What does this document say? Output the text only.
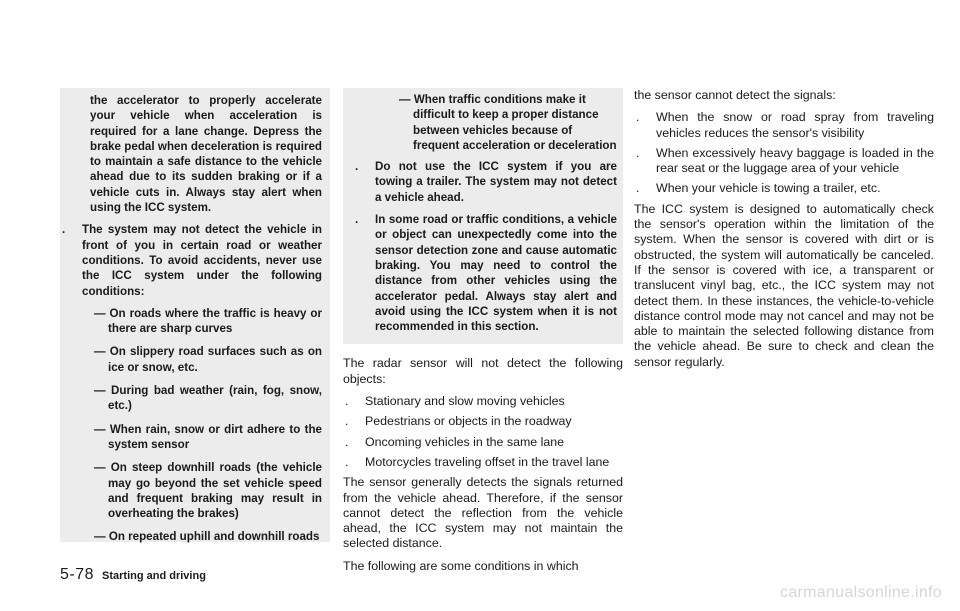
the accelerator to properly accelerate your vehicle when acceleration is required for a lane change. Depress the brake pedal when deceleration is required to maintain a safe distance to the vehicle ahead due to its sudden braking or if a vehicle cuts in. Always stay alert when using the ICC system.

.	The system may not detect the vehicle in front of you in certain road or weather conditions. To avoid accidents, never use the ICC system under the following conditions:
— On roads where the traffic is heavy or there are sharp curves
— On slippery road surfaces such as on ice or snow, etc.
— During bad weather (rain, fog, snow, etc.)
— When rain, snow or dirt adhere to the system sensor
— On steep downhill roads (the vehicle may go beyond the set vehicle speed and frequent braking may result in overheating the brakes)
— On repeated uphill and downhill roads
— When traffic conditions make it difficult to keep a proper distance between vehicles because of frequent acceleration or deceleration
.	Do not use the ICC system if you are towing a trailer. The system may not detect a vehicle ahead.
.	In some road or traffic conditions, a vehicle or object can unexpectedly come into the sensor detection zone and cause automatic braking. You may need to control the distance from other vehicles using the accelerator pedal. Always stay alert and avoid using the ICC system when it is not recommended in this section.

The radar sensor will not detect the following objects:

.	Stationary and slow moving vehicles
.	Pedestrians or objects in the roadway
.	Oncoming vehicles in the same lane
.	Motorcycles traveling offset in the travel lane

The sensor generally detects the signals returned from the vehicle ahead. Therefore, if the sensor cannot detect the reflection from the vehicle ahead, the ICC system may not maintain the selected distance.

The following are some conditions in which

the sensor cannot detect the signals:

.	When the snow or road spray from traveling vehicles reduces the sensor's visibility
.	When excessively heavy baggage is loaded in the rear seat or the luggage area of your vehicle
.	When your vehicle is towing a trailer, etc.

The ICC system is designed to automatically check the sensor's operation within the limitation of the system. When the sensor is covered with dirt or is obstructed, the system will automatically be canceled. If the sensor is covered with ice, a transparent or translucent vinyl bag, etc., the ICC system may not detect them. In these instances, the vehicle-to-vehicle distance control mode may not cancel and may not be able to maintain the selected following distance from the vehicle ahead. Be sure to check and clean the sensor regularly.

5-78 Starting and driving
carmanualsonline.info
